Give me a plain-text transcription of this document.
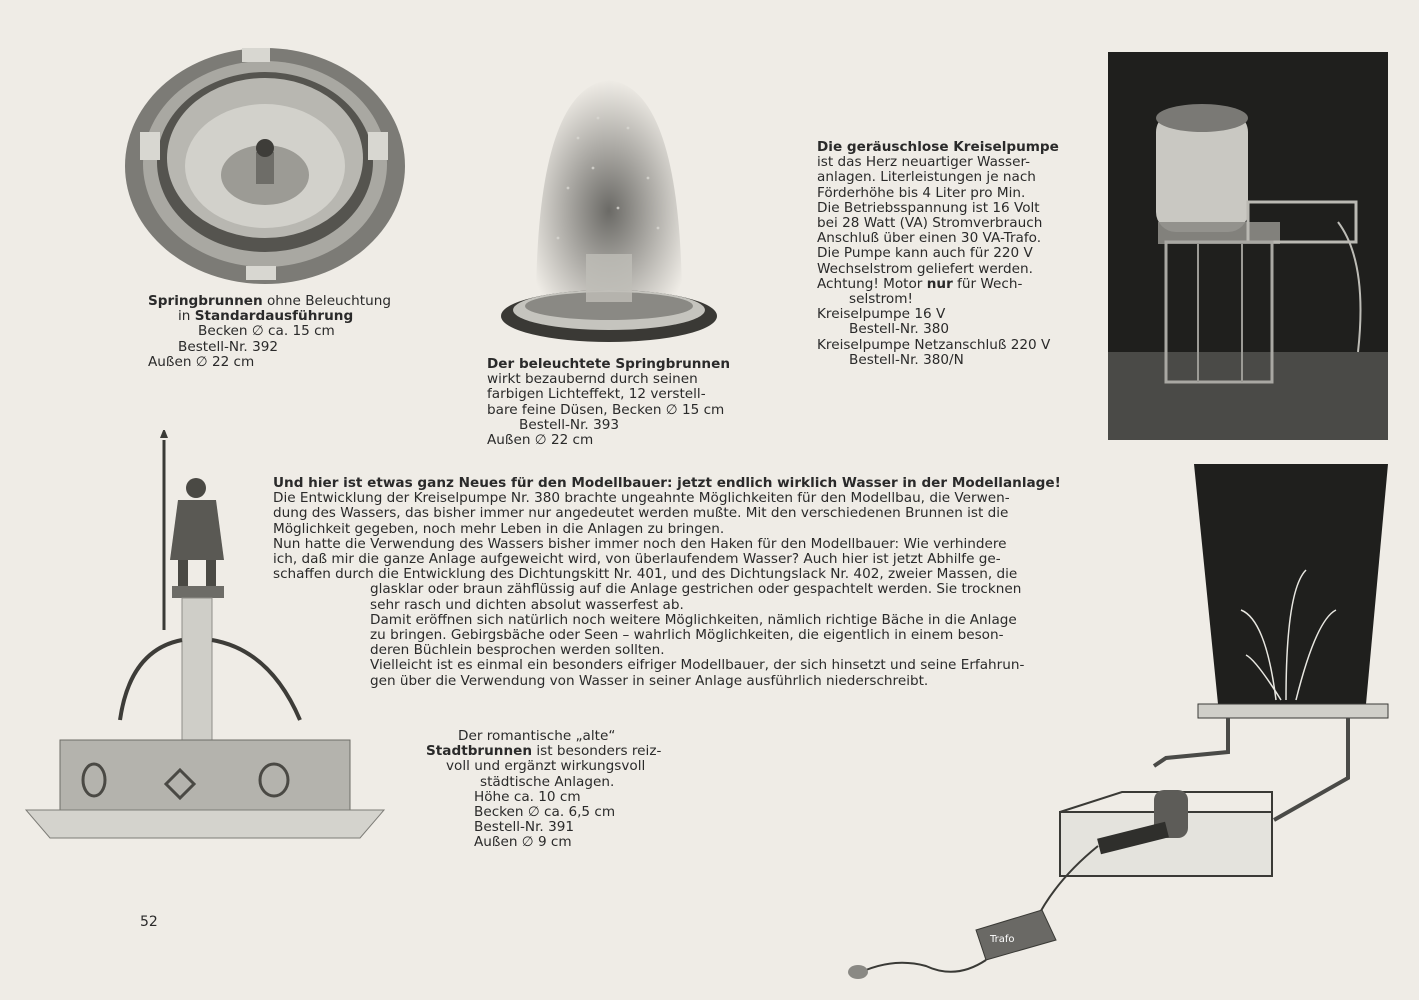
Trafo
Springbrunnen ohne Beleuchtung
in Standardausführung
Becken ∅ ca. 15 cm
Bestell-Nr. 392
Außen ∅ 22 cm	Der beleuchtete Springbrunnen
wirkt bezaubernd durch seinen
farbigen Lichteffekt, 12 verstell-
bare feine Düsen, Becken ∅ 15 cm
Bestell-Nr. 393
Außen ∅ 22 cm
Die geräuschlose Kreiselpumpe
ist das Herz neuartiger Wasser-
anlagen. Literleistungen je nach
Förderhöhe bis 4 Liter pro Min.
Die Betriebsspannung ist 16 Volt
bei 28 Watt (VA) Stromverbrauch
Anschluß über einen 30 VA-Trafo.
Die Pumpe kann auch für 220 V
Wechselstrom geliefert werden.
Achtung! Motor nur für Wech-
selstrom!
Kreiselpumpe 16 V
Bestell-Nr. 380
Kreiselpumpe Netzanschluß 220 V
Bestell-Nr. 380/N
Und hier ist etwas ganz Neues für den Modellbauer: jetzt endlich wirklich Wasser in der Modellanlage!
Die Entwicklung der Kreiselpumpe Nr. 380 brachte ungeahnte Möglichkeiten für den Modellbau, die Verwen-
dung des Wassers, das bisher immer nur angedeutet werden mußte. Mit den verschiedenen Brunnen ist die
Möglichkeit gegeben, noch mehr Leben in die Anlagen zu bringen.
Nun hatte die Verwendung des Wassers bisher immer noch den Haken für den Modellbauer: Wie verhindere
ich, daß mir die ganze Anlage aufgeweicht wird, von überlaufendem Wasser? Auch hier ist jetzt Abhilfe ge-
schaffen durch die Entwicklung des Dichtungskitt Nr. 401, und des Dichtungslack Nr. 402, zweier Massen, die
glasklar oder braun zähflüssig auf die Anlage gestrichen oder gespachtelt werden. Sie trocknen
sehr rasch und dichten absolut wasserfest ab.
Damit eröffnen sich natürlich noch weitere Möglichkeiten, nämlich richtige Bäche in die Anlage
zu bringen. Gebirgsbäche oder Seen – wahrlich Möglichkeiten, die eigentlich in einem beson-
deren Büchlein besprochen werden sollten.
Vielleicht ist es einmal ein besonders eifriger Modellbauer, der sich hinsetzt und seine Erfahrun-
gen über die Verwendung von Wasser in seiner Anlage ausführlich niederschreibt.
Der romantische „alte“
Stadtbrunnen ist besonders reiz-
voll und ergänzt wirkungsvoll
städtische Anlagen.
Höhe ca. 10 cm
Becken ∅ ca. 6,5 cm
Bestell-Nr. 391
Außen ∅ 9 cm
52
